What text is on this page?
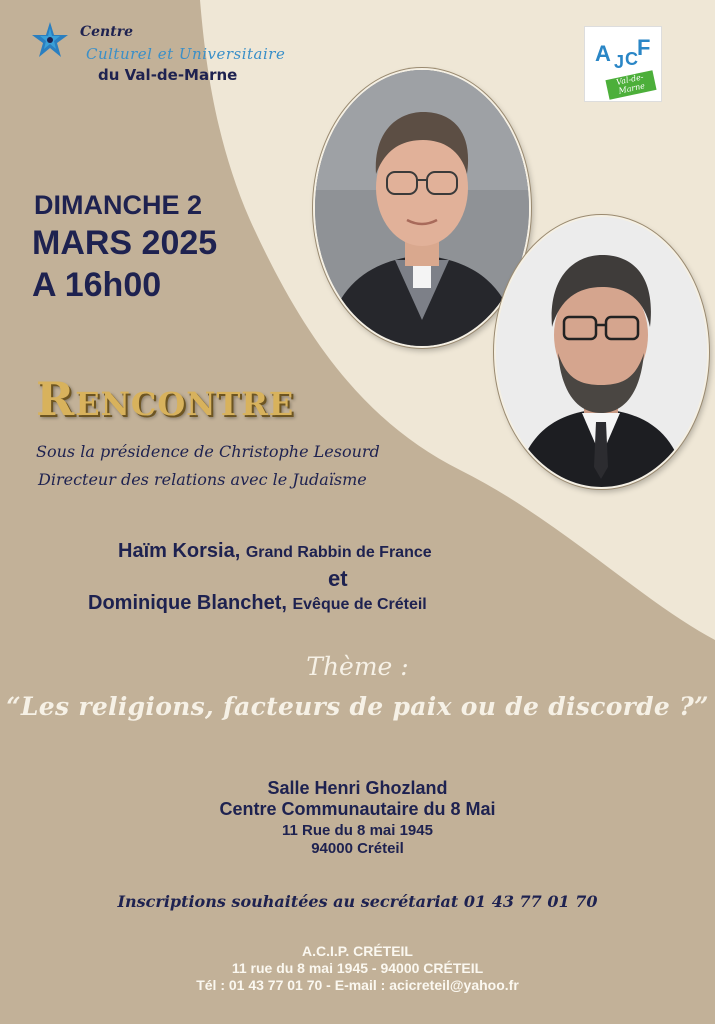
Centre
Culturel et Universitaire
du Val-de-Marne
A J C F
Val-de-Marne
DIMANCHE 2
MARS 2025
A 16h00
Rencontre
Sous la présidence de Christophe Lesourd
Directeur des relations avec le Judaïsme
Haïm Korsia, Grand Rabbin de France
et
Dominique Blanchet, Evêque de Créteil
Thème :
“Les religions, facteurs de paix ou de discorde ?”
Salle Henri Ghozland
Centre Communautaire du 8 Mai
11 Rue du 8 mai 1945
94000 Créteil
Inscriptions souhaitées au secrétariat 01 43 77 01 70
A.C.I.P. CRÉTEIL
11 rue du 8 mai 1945 - 94000 CRÉTEIL
Tél : 01 43 77 01 70 - E-mail : acicreteil@yahoo.fr
